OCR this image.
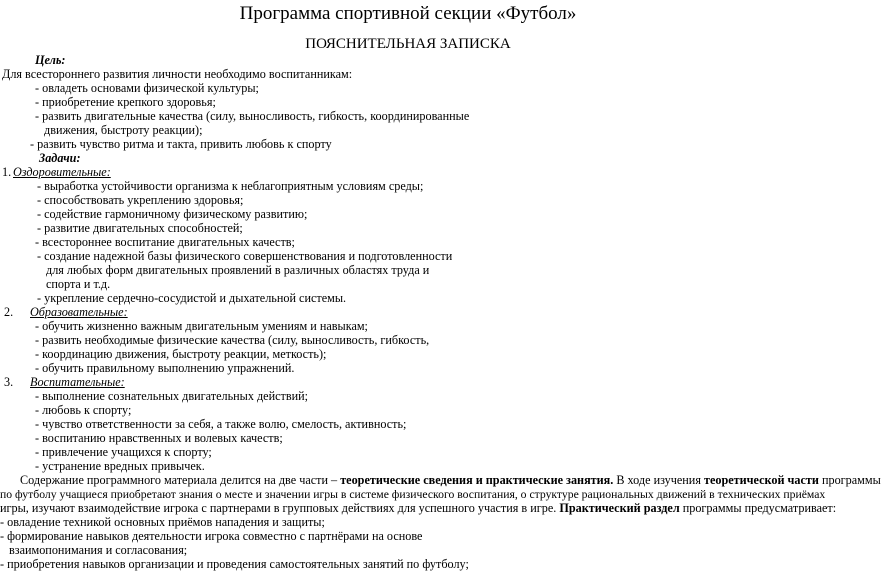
Программа спортивной секции «Футбол»
ПОЯСНИТЕЛЬНАЯ ЗАПИСКА
Цель:
Для всестороннего развития личности необходимо воспитанникам:
- овладеть основами физической культуры;
- приобретение крепкого здоровья;
- развить двигательные качества (силу, выносливость, гибкость, координированные
движения, быстроту реакции);
- развить чувство ритма и такта, привить любовь к спорту
Задачи:
1. Оздоровительные:
- выработка устойчивости организма к неблагоприятным условиям среды;
- способствовать укреплению здоровья;
- содействие гармоничному физическому развитию;
- развитие двигательных способностей;
- всестороннее воспитание двигательных качеств;
- создание надежной базы физического совершенствования и подготовленности
для любых форм двигательных проявлений в различных областях труда и
спорта и т.д.
- укрепление сердечно-сосудистой и дыхательной системы.
2. Образовательные:
- обучить жизненно важным двигательным умениям и навыкам;
- развить необходимые физические качества (силу, выносливость, гибкость,
- координацию движения, быстроту реакции, меткость);
- обучить правильному выполнению упражнений.
3. Воспитательные:
- выполнение сознательных двигательных действий;
- любовь к спорту;
- чувство ответственности за себя, а также волю, смелость, активность;
- воспитанию нравственных и волевых качеств;
- привлечение учащихся к спорту;
- устранение вредных привычек.
Содержание программного материала делится на две части – теоретические сведения и практические занятия. В ходе изучения теоретической части программы
по футболу учащиеся приобретают знания о месте и значении игры в системе физического воспитания, о структуре рациональных движений в технических приёмах
игры, изучают взаимодействие игрока с партнерами в групповых действиях для успешного участия в игре. Практический раздел программы предусматривает:
- овладение техникой основных приёмов нападения и защиты;
- формирование навыков деятельности игрока совместно с партнёрами на основе
взаимопонимания и согласования;
- приобретения навыков организации и проведения самостоятельных занятий по футболу;
